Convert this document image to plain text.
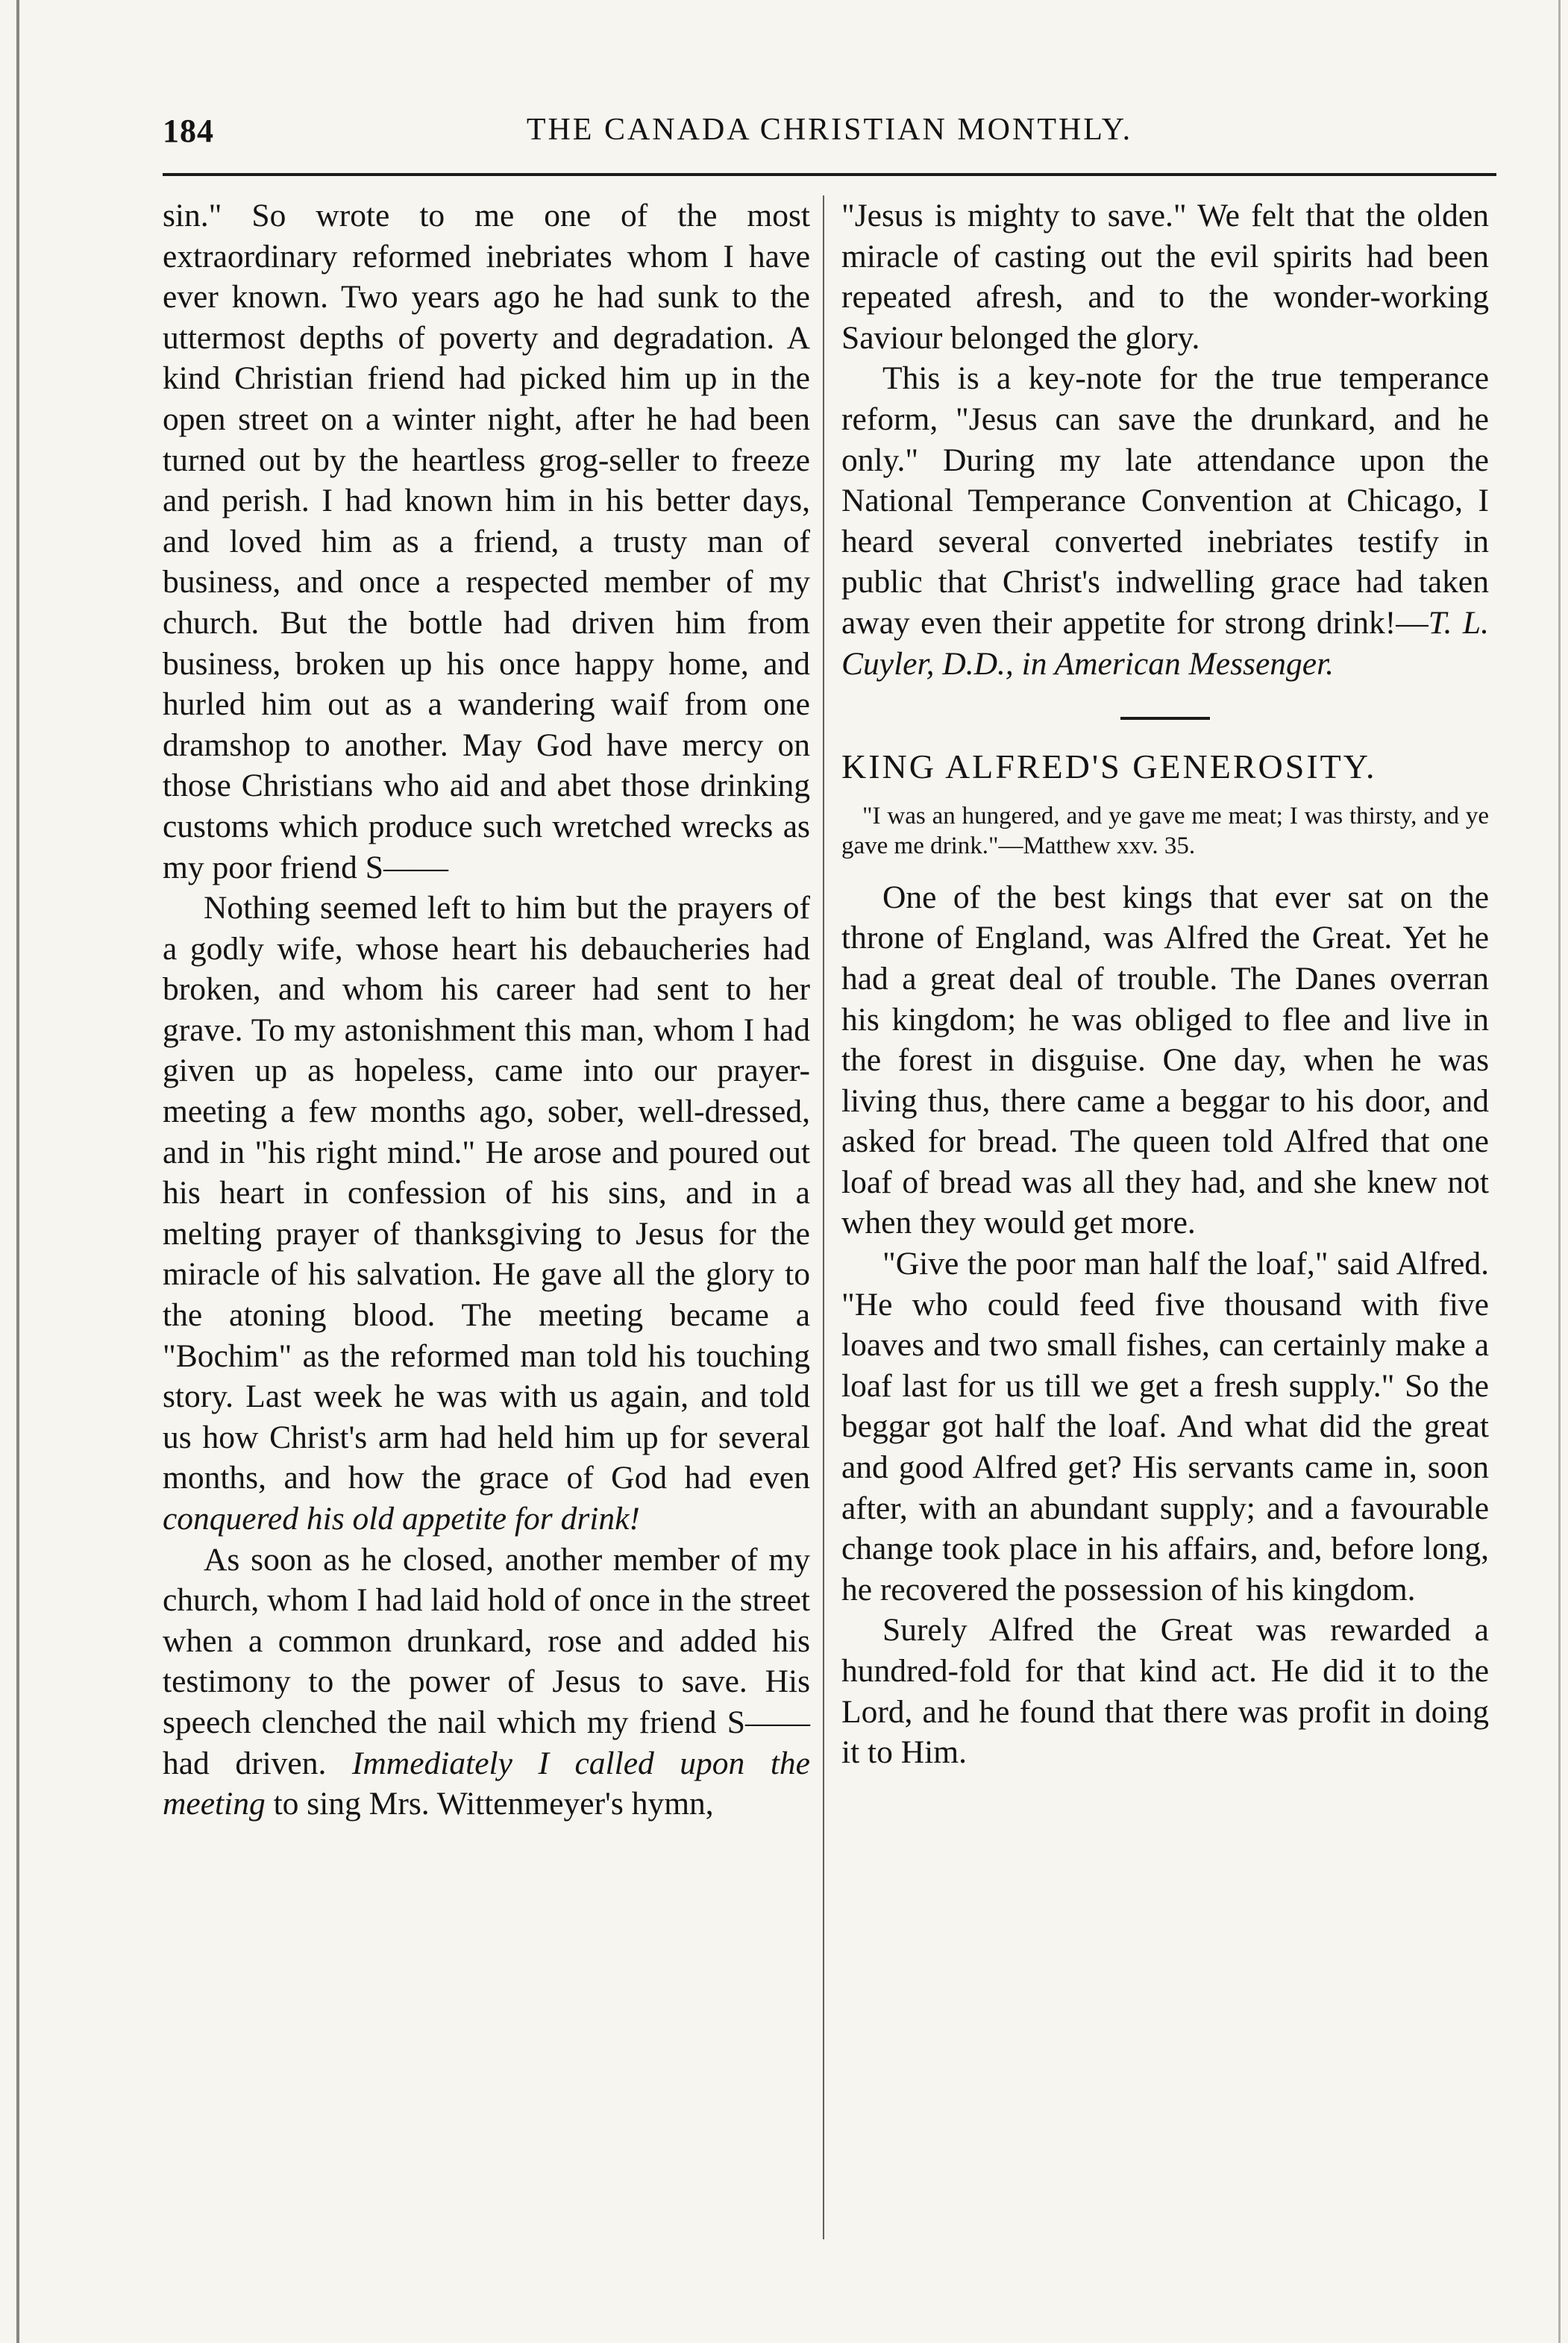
184	THE CANADA CHRISTIAN MONTHLY.

sin." So wrote to me one of the most extraordinary reformed inebriates whom I have ever known. Two years ago he had sunk to the uttermost depths of poverty and degradation. A kind Christian friend had picked him up in the open street on a winter night, after he had been turned out by the heartless grog-seller to freeze and perish. I had known him in his better days, and loved him as a friend, a trusty man of business, and once a respected member of my church. But the bottle had driven him from business, broken up his once happy home, and hurled him out as a wandering waif from one dramshop to another. May God have mercy on those Christians who aid and abet those drinking customs which produce such wretched wrecks as my poor friend S——

Nothing seemed left to him but the prayers of a godly wife, whose heart his debaucheries had broken, and whom his career had sent to her grave. To my astonishment this man, whom I had given up as hopeless, came into our prayer-meeting a few months ago, sober, well-dressed, and in "his right mind." He arose and poured out his heart in confession of his sins, and in a melting prayer of thanksgiving to Jesus for the miracle of his salvation. He gave all the glory to the atoning blood. The meeting became a "Bochim" as the reformed man told his touching story. Last week he was with us again, and told us how Christ's arm had held him up for several months, and how the grace of God had even conquered his old appetite for drink!

As soon as he closed, another member of my church, whom I had laid hold of once in the street when a common drunkard, rose and added his testimony to the power of Jesus to save. His speech clenched the nail which my friend S—— had driven. Immediately I called upon the meeting to sing Mrs. Wittenmeyer's hymn,

"Jesus is mighty to save." We felt that the olden miracle of casting out the evil spirits had been repeated afresh, and to the wonder-working Saviour belonged the glory.

This is a key-note for the true temperance reform, "Jesus can save the drunkard, and he only." During my late attendance upon the National Temperance Convention at Chicago, I heard several converted inebriates testify in public that Christ's indwelling grace had taken away even their appetite for strong drink!—T. L. Cuyler, D.D., in American Messenger.

KING ALFRED'S GENEROSITY.

"I was an hungered, and ye gave me meat; I was thirsty, and ye gave me drink."—Matthew xxv. 35.

One of the best kings that ever sat on the throne of England, was Alfred the Great. Yet he had a great deal of trouble. The Danes overran his kingdom; he was obliged to flee and live in the forest in disguise. One day, when he was living thus, there came a beggar to his door, and asked for bread. The queen told Alfred that one loaf of bread was all they had, and she knew not when they would get more.

"Give the poor man half the loaf," said Alfred. "He who could feed five thousand with five loaves and two small fishes, can certainly make a loaf last for us till we get a fresh supply." So the beggar got half the loaf. And what did the great and good Alfred get? His servants came in, soon after, with an abundant supply; and a favourable change took place in his affairs, and, before long, he recovered the possession of his kingdom.

Surely Alfred the Great was rewarded a hundred-fold for that kind act. He did it to the Lord, and he found that there was profit in doing it to Him.
